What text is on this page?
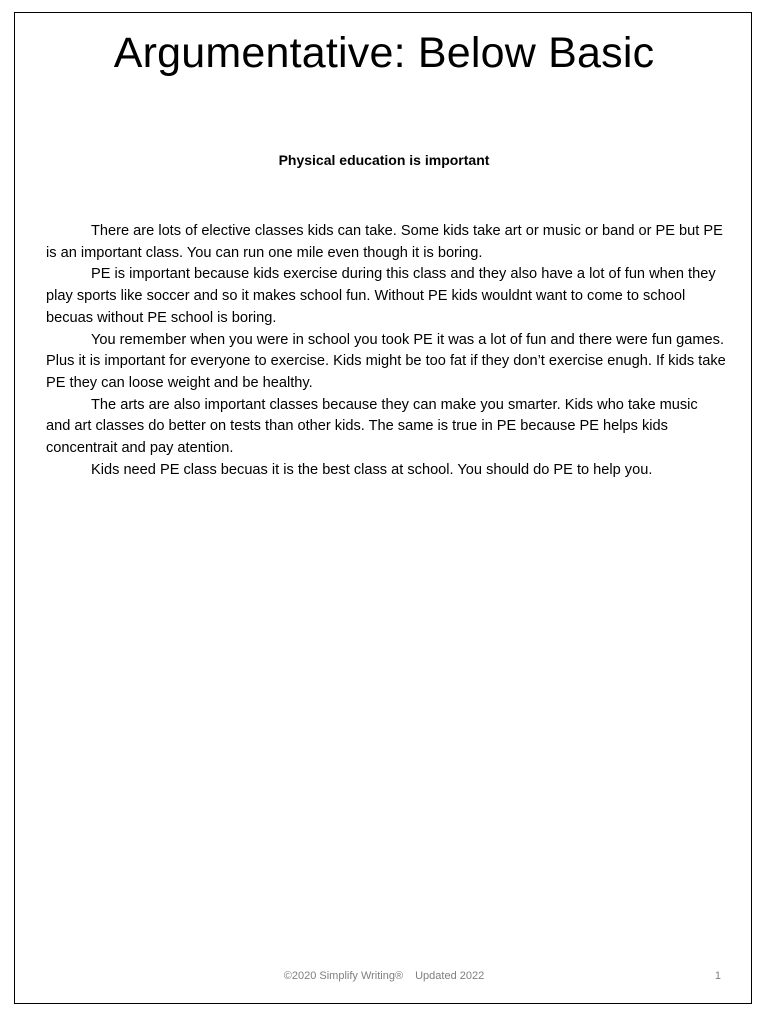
Argumentative: Below Basic
Physical education is important

There are lots of elective classes kids can take. Some kids take art or music or band or PE but PE is an important class. You can run one mile even though it is boring.

PE is important because kids exercise during this class and they also have a lot of fun when they play sports like soccer and so it makes school fun. Without PE kids wouldnt want to come to school becuas without PE school is boring.

You remember when you were in school you took PE it was a lot of fun and there were fun games. Plus it is important for everyone to exercise. Kids might be too fat if they don’t exercise enugh. If kids take PE they can loose weight and be healthy.

The arts are also important classes because they can make you smarter. Kids who take music and art classes do better on tests than other kids. The same is true in PE because PE helps kids concentrait and pay atention.

Kids need PE class becuas it is the best class at school. You should do PE to help you.

©2020 Simplify Writing® Updated 2022	1
